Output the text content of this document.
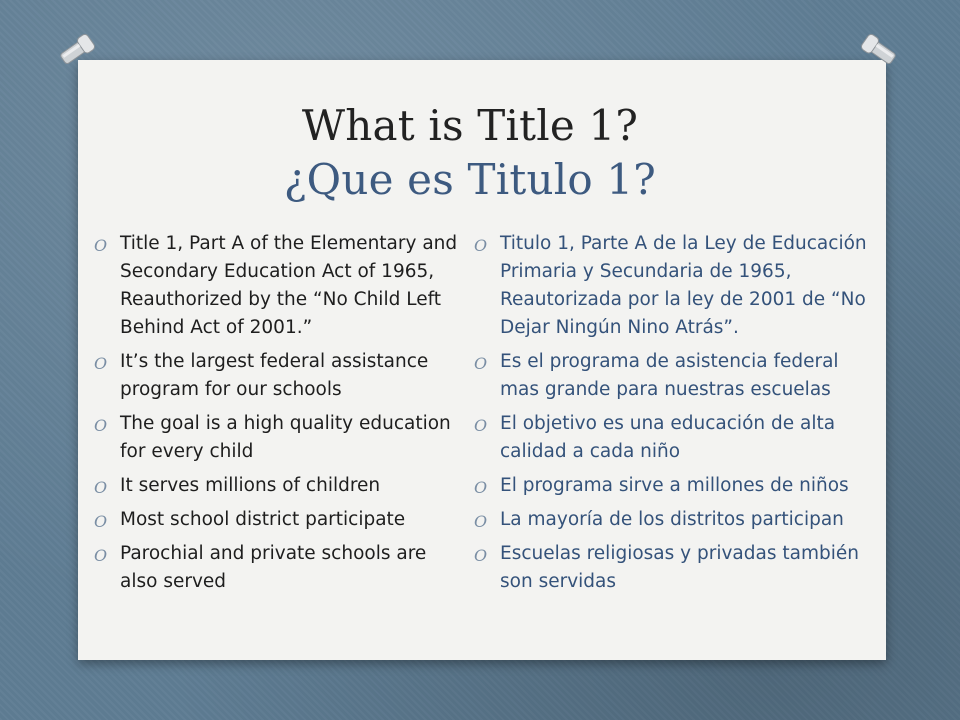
What is Title 1?
¿Que es Titulo 1?
O Title 1, Part A of the Elementary and Secondary Education Act of 1965, Reauthorized by the “No Child Left Behind Act of 2001.”
O It’s the largest federal assistance program for our schools
O The goal is a high quality education for every child
O It serves millions of children
O Most school district participate
O Parochial and private schools are also served
O Titulo 1, Parte A de la Ley de Educación Primaria y Secundaria de 1965, Reautorizada por la ley de 2001 de “No Dejar Ningún Nino Atrás”.
O Es el programa de asistencia federal mas grande para nuestras escuelas
O El objetivo es una educación de alta calidad a cada niño
O El programa sirve a millones de niños
O La mayoría de los distritos participan
O Escuelas religiosas y privadas también son servidas
